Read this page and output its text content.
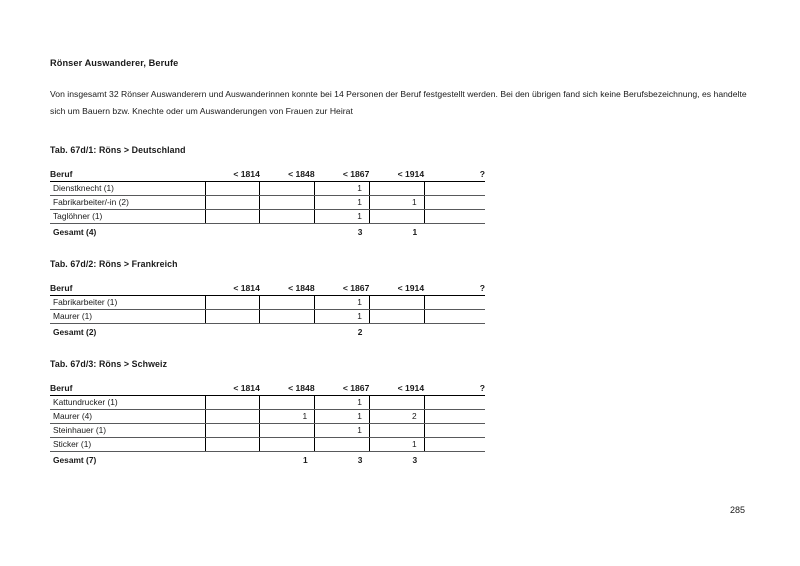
Rönser Auswanderer, Berufe

Von insgesamt 32 Rönser Auswanderern und Auswanderinnen konnte bei 14 Personen der Beruf festgestellt werden. Bei den übrigen fand sich keine Berufsbezeichnung, es handelte sich um Bauern bzw. Knechte oder um Auswanderungen von Frauen zur Heirat

Tab. 67d/1: Röns > Deutschland
Beruf	< 1814	< 1848	< 1867	< 1914	?
Dienstknecht (1)			1		
Fabrikarbeiter/-in (2)			1	1	
Taglöhner (1)			1		
Gesamt (4)			3	1	
Tab. 67d/2: Röns > Frankreich
Beruf	< 1814	< 1848	< 1867	< 1914	?
Fabrikarbeiter (1)			1		
Maurer (1)			1		
Gesamt (2)			2		
Tab. 67d/3: Röns > Schweiz
Beruf	< 1814	< 1848	< 1867	< 1914	?
Kattundrucker (1)			1		
Maurer (4)		1	1	2	
Steinhauer (1)			1		
Sticker (1)				1	
Gesamt (7)		1	3	3	
285
